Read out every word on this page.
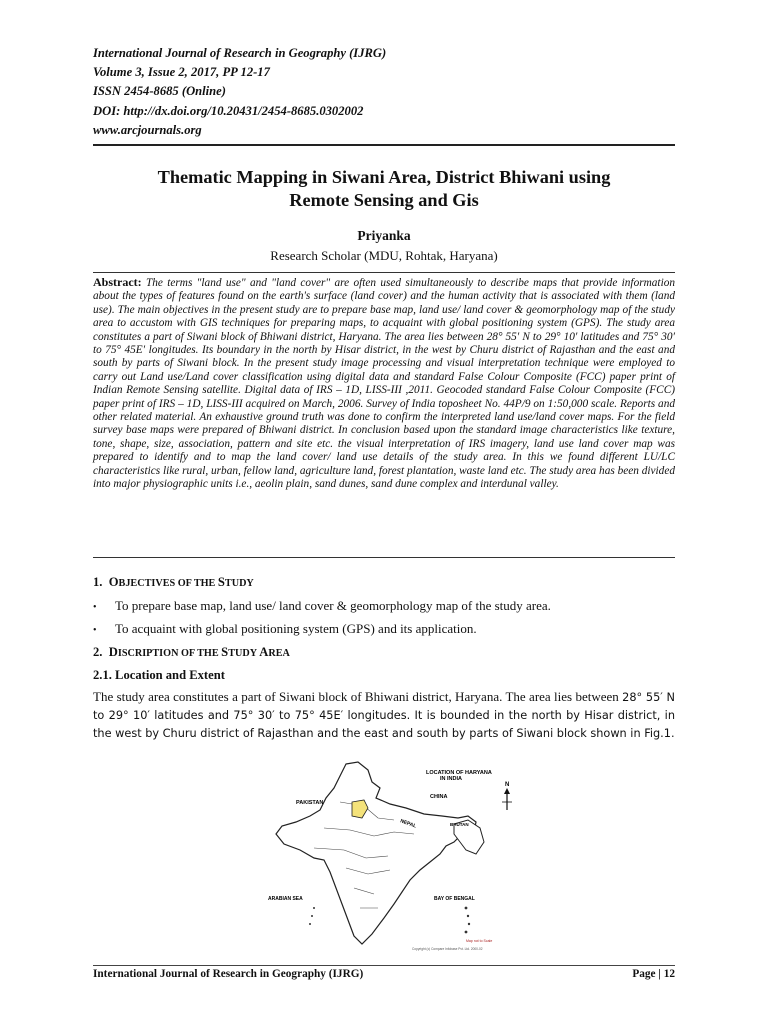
International Journal of Research in Geography (IJRG)
Volume 3, Issue 2, 2017, PP 12-17
ISSN 2454-8685 (Online)
DOI: http://dx.doi.org/10.20431/2454-8685.0302002
www.arcjournals.org
Thematic Mapping in Siwani Area, District Bhiwani using
Remote Sensing and Gis
Priyanka
Research Scholar (MDU, Rohtak, Haryana)
Abstract: The terms "land use" and "land cover" are often used simultaneously to describe maps that provide information about the types of features found on the earth's surface (land cover) and the human activity that is associated with them (land use). The main objectives in the present study are to prepare base map, land use/ land cover & geomorphology map of the study area to accustom with GIS techniques for preparing maps, to acquaint with global positioning system (GPS). The study area constitutes a part of Siwani block of Bhiwani district, Haryana. The area lies between 28° 55′ N to 29° 10′ latitudes and 75° 30′ to 75° 45E′ longitudes. Its boundary in the north by Hisar district, in the west by Churu district of Rajasthan and the east and south by parts of Siwani block. In the present study image processing and visual interpretation technique were employed to carry out Land use/Land cover classification using digital data and standard False Colour Composite (FCC) paper print of Indian Remote Sensing satellite. Digital data of IRS – 1D, LISS-III ,2011. Geocoded standard False Colour Composite (FCC) paper print of IRS – 1D, LISS-III acquired on March, 2006. Survey of India toposheet No. 44P/9 on 1:50,000 scale. Reports and other related material. An exhaustive ground truth was done to confirm the interpreted land use/land cover maps. For the field survey base maps were prepared of Bhiwani district. In conclusion based upon the standard image characteristics like texture, tone, shape, size, association, pattern and site etc. the visual interpretation of IRS imagery, land use land cover map was prepared to identify and to map the land cover/ land use details of the study area. In this we found different LU/LC characteristics like rural, urban, fellow land, agriculture land, forest plantation, waste land etc. The study area has been divided into major physiographic units i.e., aeolin plain, sand dunes, sand dune complex and interdunal valley.
1. OBJECTIVES OF THE STUDY
• To prepare base map, land use/ land cover & geomorphology map of the study area.
• To acquaint with global positioning system (GPS) and its application.
2. DISCRIPTION OF THE STUDY AREA
2.1. Location and Extent
The study area constitutes a part of Siwani block of Bhiwani district, Haryana. The area lies between 28° 55′ N to 29° 10′ latitudes and 75° 30′ to 75° 45E′ longitudes. It is bounded in the north by Hisar district, in the west by Churu district of Rajasthan and the east and south by parts of Siwani block shown in Fig.1.
LOCATION OF HARYANA
IN INDIA
PAKISTAN
CHINA
NEPAL	BHUTAN
ARABIAN SEA	BAY OF BENGAL
N
Map not to Scale
Copyright (c) Compare Infobase Pvt. Ltd. 2000-02
International Journal of Research in Geography (IJRG)	Page | 12
